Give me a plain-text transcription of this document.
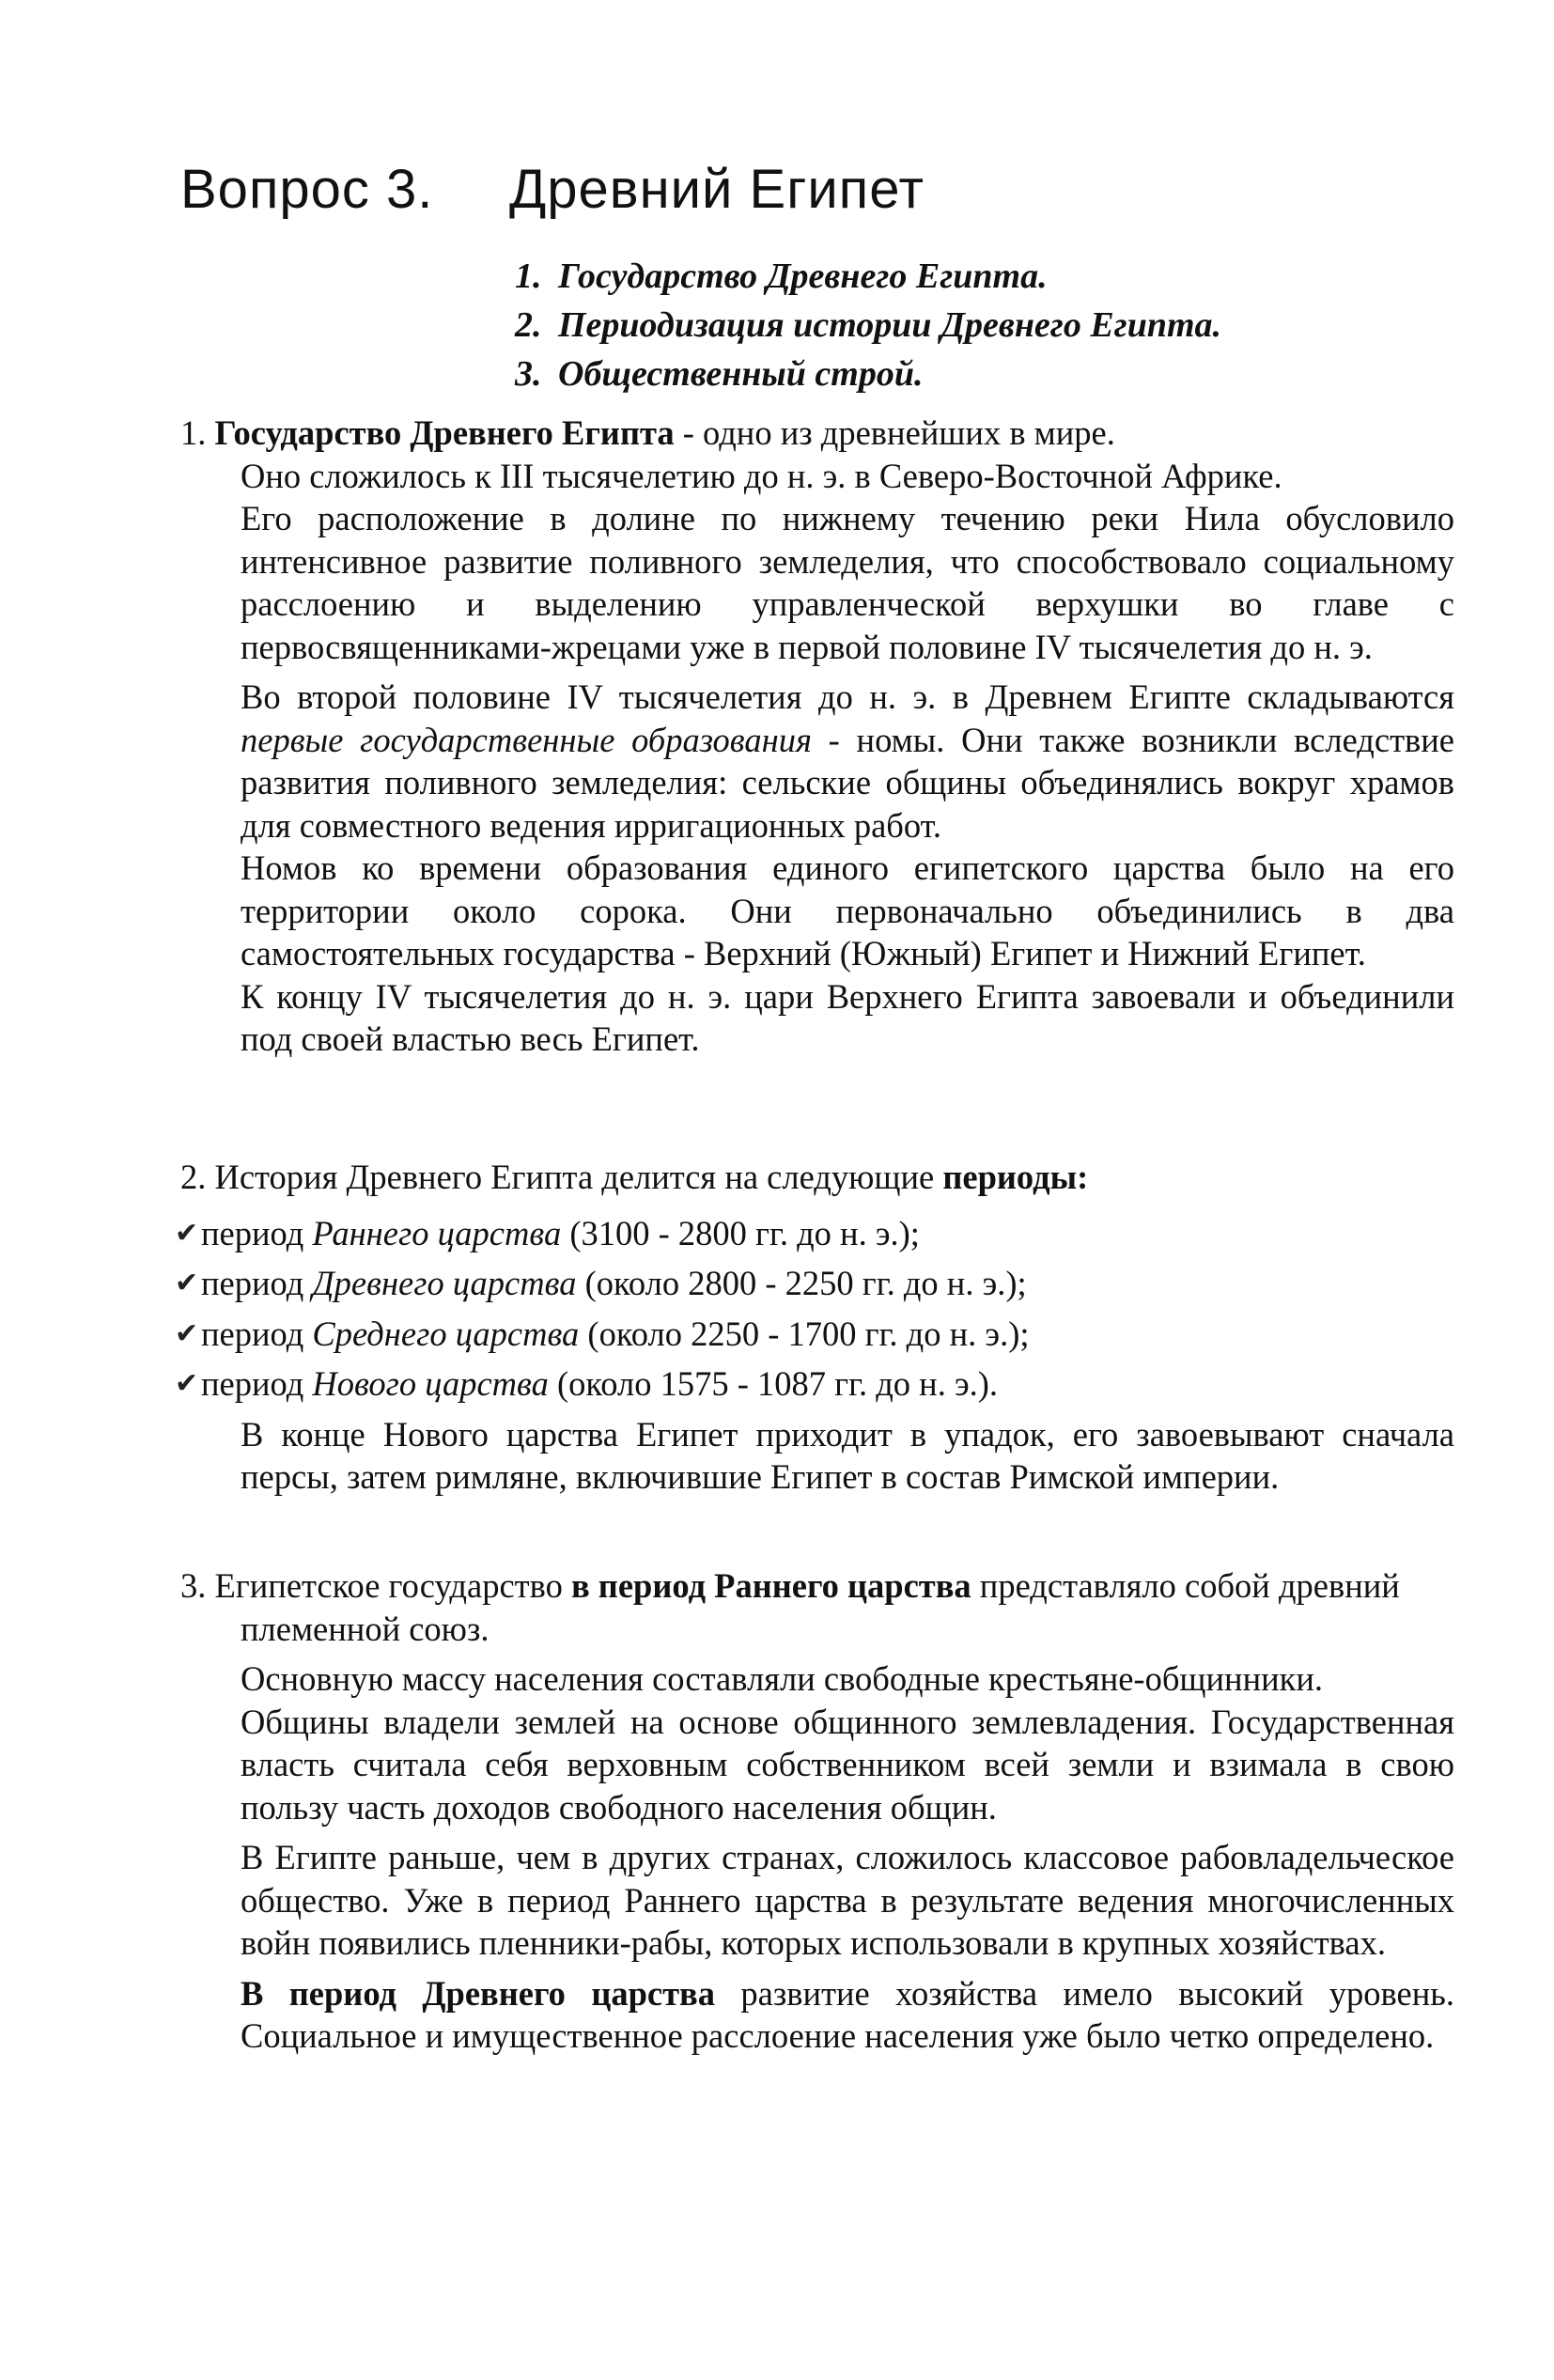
Вопрос 3. Древний Египет
1. Государство Древнего Египта.
2. Периодизация истории Древнего Египта.
3. Общественный строй.

1. Государство Древнего Египта - одно из древнейших в мире.

Оно сложилось к III тысячелетию до н. э. в Северо-Восточной Африке.

Его расположение в долине по нижнему течению реки Нила обусловило интенсивное развитие поливного земледелия, что способствовало социальному расслоению и выделению управленческой верхушки во главе с первосвященниками-жрецами уже в первой половине IV тысячелетия до н. э.

Во второй половине IV тысячелетия до н. э. в Древнем Египте складываются первые государственные образования - номы. Они также возникли вследствие развития поливного земледелия: сельские общины объединялись вокруг храмов для совместного ведения ирригационных работ.

Номов ко времени образования единого египетского царства было на его территории около сорока. Они первоначально объединились в два самостоятельных государства - Верхний (Южный) Египет и Нижний Египет.

К концу IV тысячелетия до н. э. цари Верхнего Египта завоевали и объединили под своей властью весь Египет.

2. История Древнего Египта делится на следующие периоды:

✔ период Раннего царства (3100 - 2800 гг. до н. э.);
✔ период Древнего царства (около 2800 - 2250 гг. до н. э.);
✔ период Среднего царства (около 2250 - 1700 гг. до н. э.);
✔ период Нового царства (около 1575 - 1087 гг. до н. э.).

В конце Нового царства Египет приходит в упадок, его завоевывают сначала персы, затем римляне, включившие Египет в состав Римской империи.

3. Египетское государство в период Раннего царства представляло собой древний племенной союз.

Основную массу населения составляли свободные крестьяне-общинники.

Общины владели землей на основе общинного землевладения. Государственная власть считала себя верховным собственником всей земли и взимала в свою пользу часть доходов свободного населения общин.

В Египте раньше, чем в других странах, сложилось классовое рабовладельческое общество. Уже в период Раннего царства в результате ведения многочисленных войн появились пленники-рабы, которых использовали в крупных хозяйствах.

В период Древнего царства развитие хозяйства имело высокий уровень. Социальное и имущественное расслоение населения уже было четко определено.
